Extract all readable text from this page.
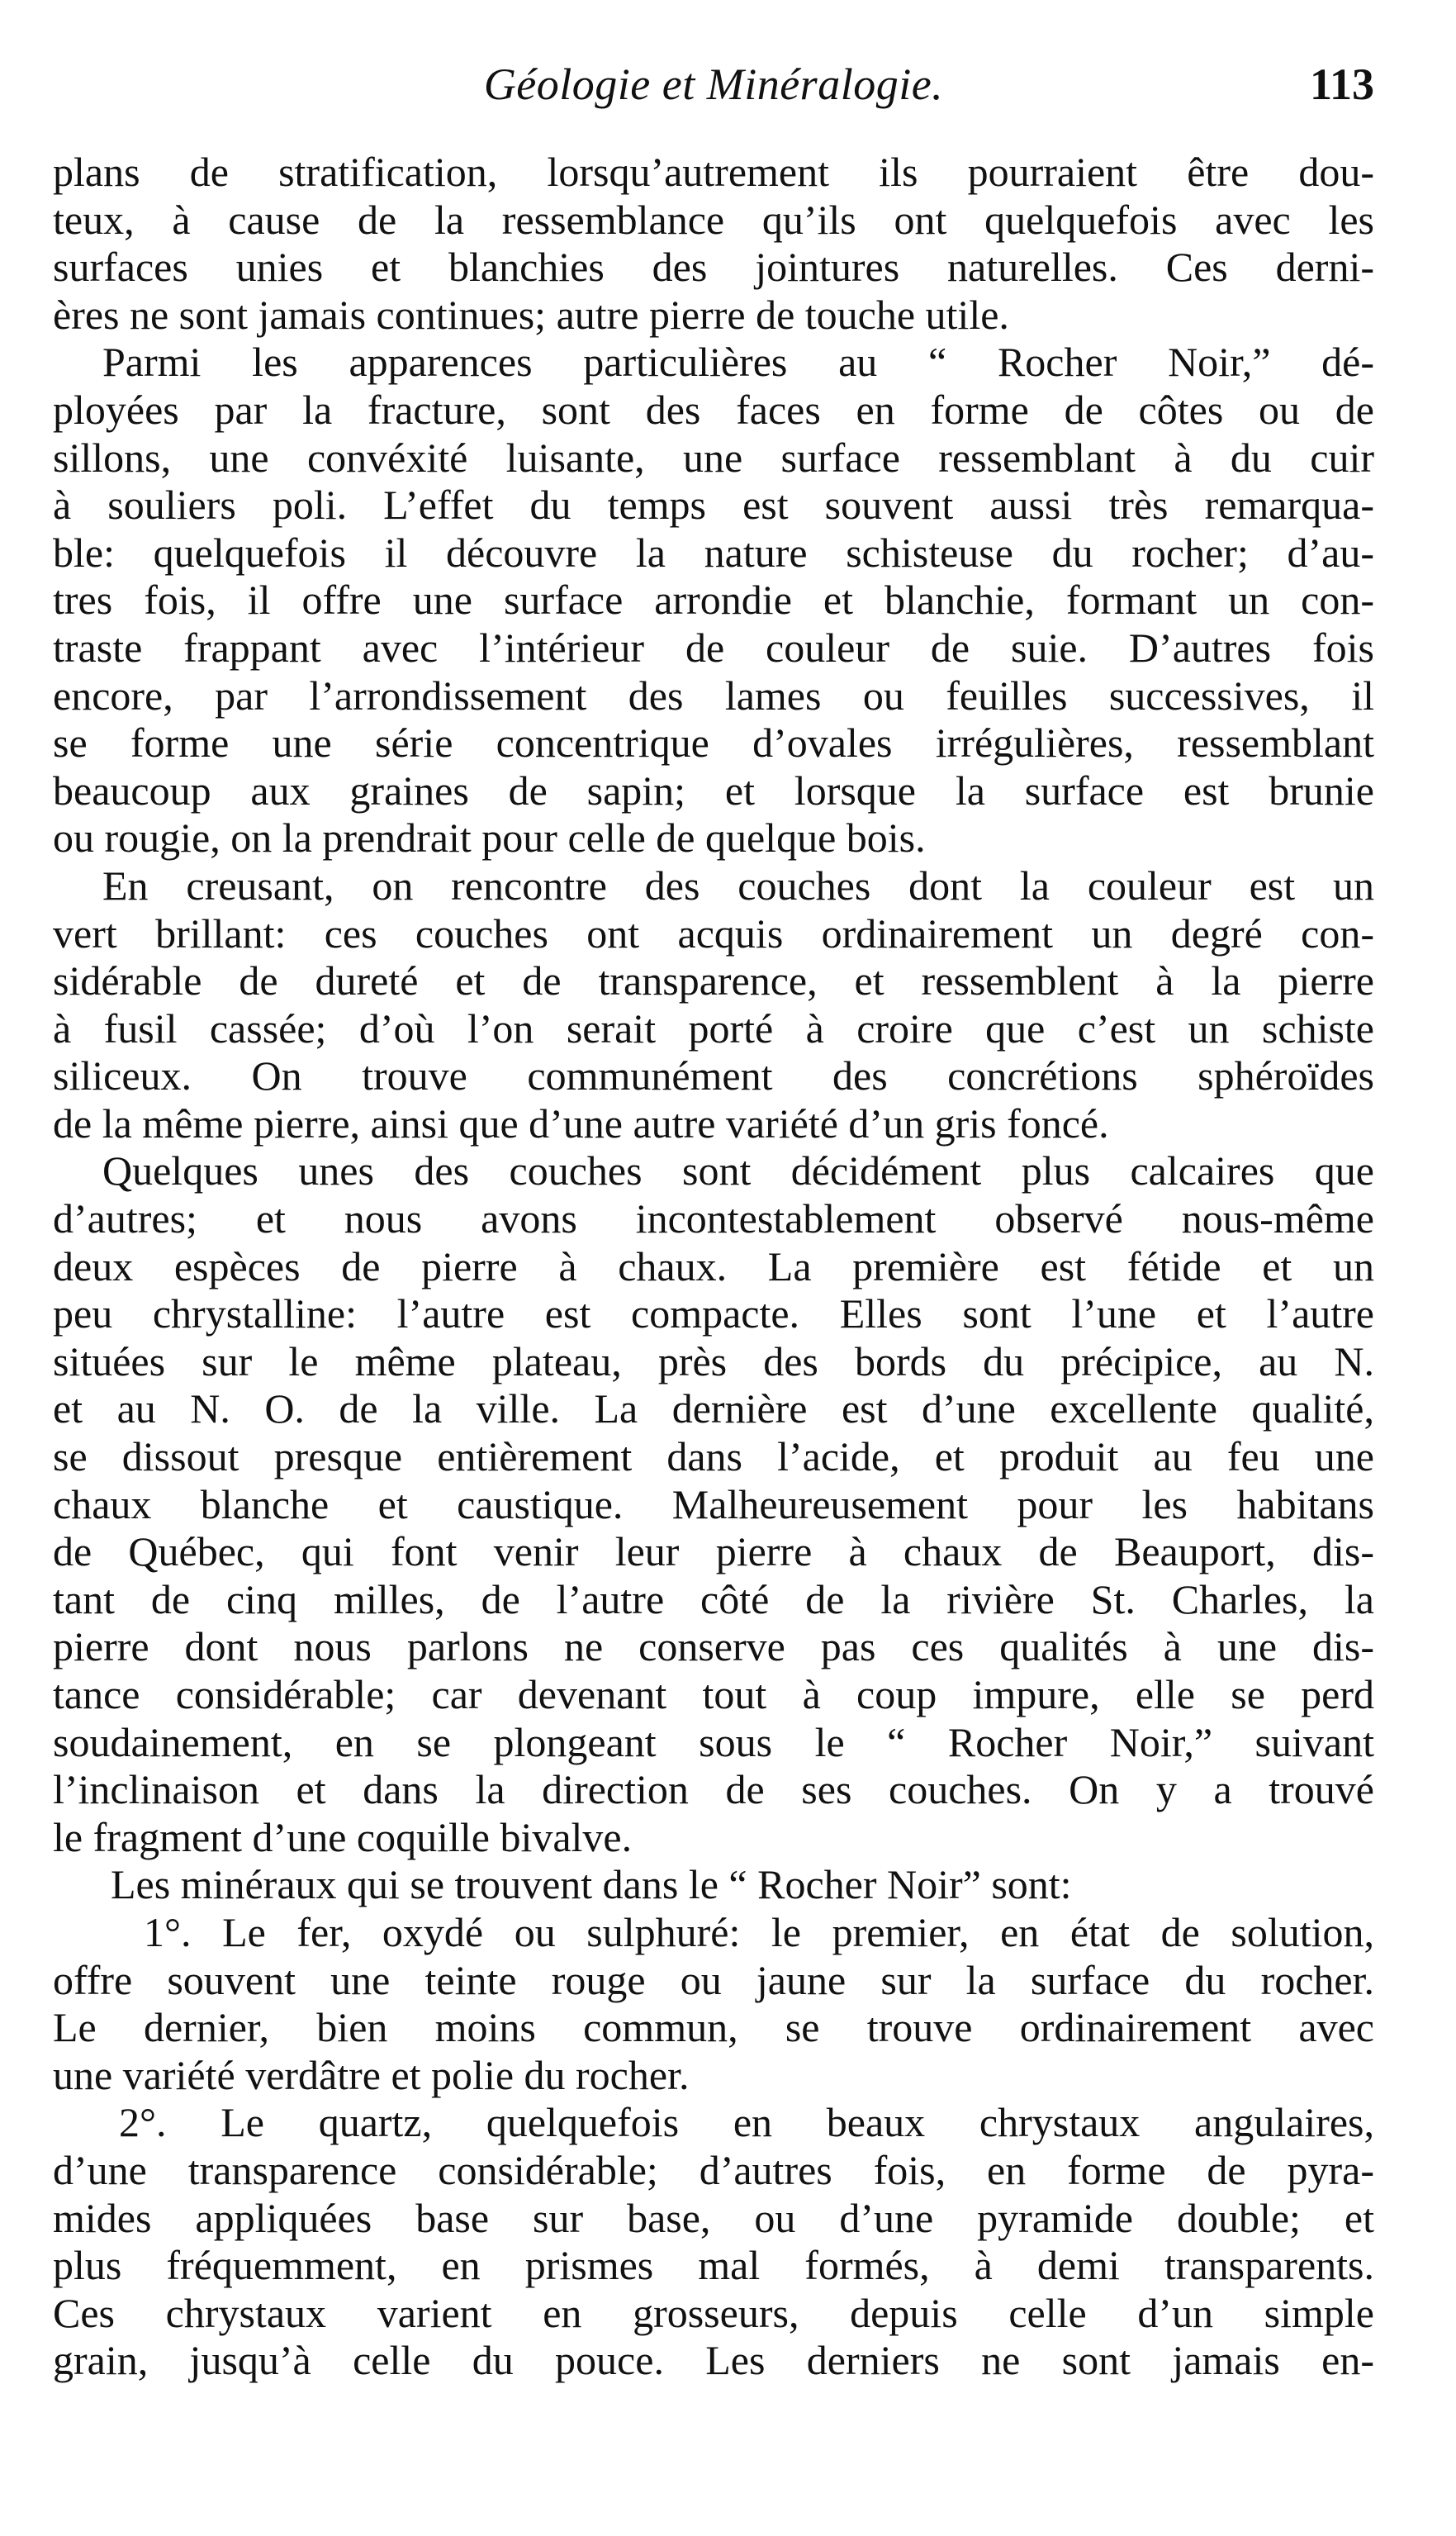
Géologie et Minéralogie.	113
plans de stratification, lorsqu’autrement ils pourraient être dou-
teux, à cause de la ressemblance qu’ils ont quelquefois avec les
surfaces unies et blanchies des jointures naturelles. Ces derni-
ères ne sont jamais continues; autre pierre de touche utile.
Parmi les apparences particulières au “ Rocher Noir,” dé-
ployées par la fracture, sont des faces en forme de côtes ou de
sillons, une convéxité luisante, une surface ressemblant à du cuir
à souliers poli. L’effet du temps est souvent aussi très remarqua-
ble: quelquefois il découvre la nature schisteuse du rocher; d’au-
tres fois, il offre une surface arrondie et blanchie, formant un con-
traste frappant avec l’intérieur de couleur de suie. D’autres fois
encore, par l’arrondissement des lames ou feuilles successives, il
se forme une série concentrique d’ovales irrégulières, ressemblant
beaucoup aux graines de sapin; et lorsque la surface est brunie
ou rougie, on la prendrait pour celle de quelque bois.
En creusant, on rencontre des couches dont la couleur est un
vert brillant: ces couches ont acquis ordinairement un degré con-
sidérable de dureté et de transparence, et ressemblent à la pierre
à fusil cassée; d’où l’on serait porté à croire que c’est un schiste
siliceux. On trouve communément des concrétions sphéroïdes
de la même pierre, ainsi que d’une autre variété d’un gris foncé.
Quelques unes des couches sont décidément plus calcaires que
d’autres; et nous avons incontestablement observé nous-même
deux espèces de pierre à chaux. La première est fétide et un
peu chrystalline: l’autre est compacte. Elles sont l’une et l’autre
situées sur le même plateau, près des bords du précipice, au N.
et au N. O. de la ville. La dernière est d’une excellente qualité,
se dissout presque entièrement dans l’acide, et produit au feu une
chaux blanche et caustique. Malheureusement pour les habitans
de Québec, qui font venir leur pierre à chaux de Beauport, dis-
tant de cinq milles, de l’autre côté de la rivière St. Charles, la
pierre dont nous parlons ne conserve pas ces qualités à une dis-
tance considérable; car devenant tout à coup impure, elle se perd
soudainement, en se plongeant sous le “ Rocher Noir,” suivant
l’inclinaison et dans la direction de ses couches. On y a trouvé
le fragment d’une coquille bivalve.
Les minéraux qui se trouvent dans le “ Rocher Noir” sont:
1°. Le fer, oxydé ou sulphuré: le premier, en état de solution,
offre souvent une teinte rouge ou jaune sur la surface du rocher.
Le dernier, bien moins commun, se trouve ordinairement avec
une variété verdâtre et polie du rocher.
2°. Le quartz, quelquefois en beaux chrystaux angulaires,
d’une transparence considérable; d’autres fois, en forme de pyra-
mides appliquées base sur base, ou d’une pyramide double; et
plus fréquemment, en prismes mal formés, à demi transparents.
Ces chrystaux varient en grosseurs, depuis celle d’un simple
grain, jusqu’à celle du pouce. Les derniers ne sont jamais en-
